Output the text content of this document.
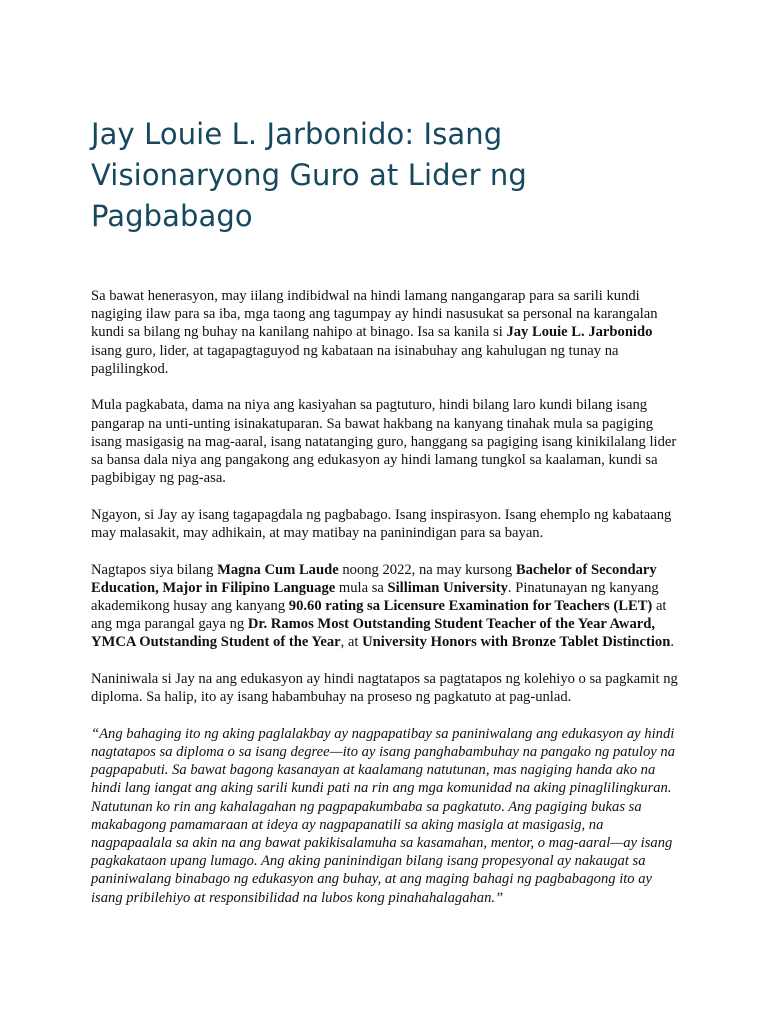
Jay Louie L. Jarbonido: Isang Visionaryong Guro at Lider ng Pagbabago

Sa bawat henerasyon, may iilang indibidwal na hindi lamang nangangarap para sa sarili kundi nagiging ilaw para sa iba, mga taong ang tagumpay ay hindi nasusukat sa personal na karangalan kundi sa bilang ng buhay na kanilang nahipo at binago. Isa sa kanila si Jay Louie L. Jarbonido isang guro, lider, at tagapagtaguyod ng kabataan na isinabuhay ang kahulugan ng tunay na paglilingkod.

Mula pagkabata, dama na niya ang kasiyahan sa pagtuturo, hindi bilang laro kundi bilang isang pangarap na unti-unting isinakatuparan. Sa bawat hakbang na kanyang tinahak mula sa pagiging isang masigasig na mag-aaral, isang natatanging guro, hanggang sa pagiging isang kinikilalang lider sa bansa dala niya ang pangakong ang edukasyon ay hindi lamang tungkol sa kaalaman, kundi sa pagbibigay ng pag-asa.

Ngayon, si Jay ay isang tagapagdala ng pagbabago. Isang inspirasyon. Isang ehemplo ng kabataang may malasakit, may adhikain, at may matibay na paninindigan para sa bayan.

Nagtapos siya bilang Magna Cum Laude noong 2022, na may kursong Bachelor of Secondary Education, Major in Filipino Language mula sa Silliman University. Pinatunayan ng kanyang akademikong husay ang kanyang 90.60 rating sa Licensure Examination for Teachers (LET) at ang mga parangal gaya ng Dr. Ramos Most Outstanding Student Teacher of the Year Award, YMCA Outstanding Student of the Year, at University Honors with Bronze Tablet Distinction.

Naniniwala si Jay na ang edukasyon ay hindi nagtatapos sa pagtatapos ng kolehiyo o sa pagkamit ng diploma. Sa halip, ito ay isang habambuhay na proseso ng pagkatuto at pag-unlad.

“Ang bahaging ito ng aking paglalakbay ay nagpapatibay sa paniniwalang ang edukasyon ay hindi nagtatapos sa diploma o sa isang degree—ito ay isang panghabambuhay na pangako ng patuloy na pagpapabuti. Sa bawat bagong kasanayan at kaalamang natutunan, mas nagiging handa ako na hindi lang iangat ang aking sarili kundi pati na rin ang mga komunidad na aking pinaglilingkuran. Natutunan ko rin ang kahalagahan ng pagpapakumbaba sa pagkatuto. Ang pagiging bukas sa makabagong pamamaraan at ideya ay nagpapanatili sa aking masigla at masigasig, na nagpapaalala sa akin na ang bawat pakikisalamuha sa kasamahan, mentor, o mag-aaral—ay isang pagkakataon upang lumago. Ang aking paninindigan bilang isang propesyonal ay nakaugat sa paniniwalang binabago ng edukasyon ang buhay, at ang maging bahagi ng pagbabagong ito ay isang pribilehiyo at responsibilidad na lubos kong pinahahalagahan.”
